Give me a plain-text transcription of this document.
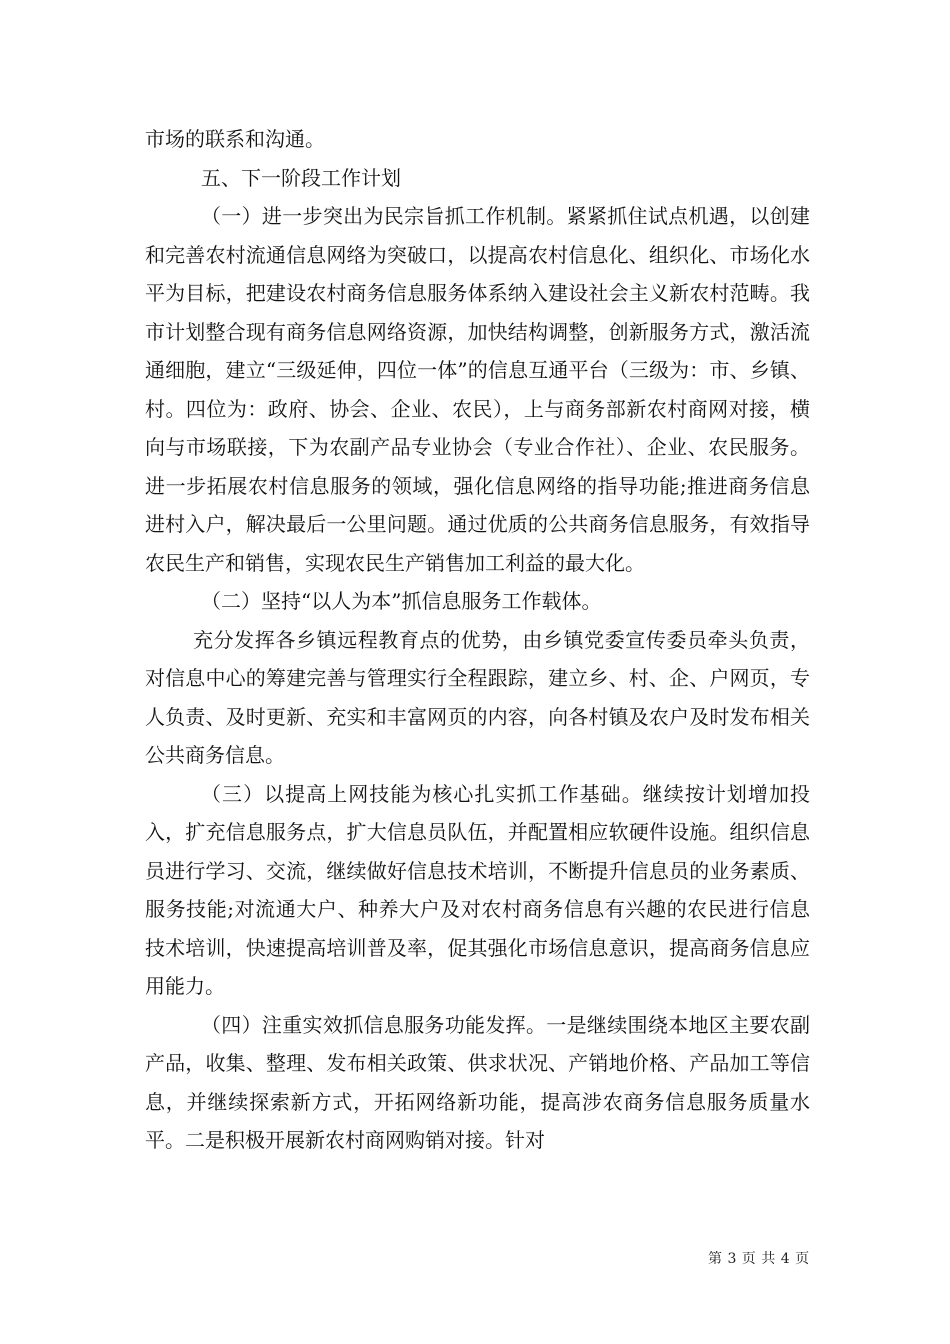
市场的联系和沟通。

五、下一阶段工作计划

（一）进一步突出为民宗旨抓工作机制。紧紧抓住试点机遇，以创建和完善农村流通信息网络为突破口，以提高农村信息化、组织化、市场化水平为目标，把建设农村商务信息服务体系纳入建设社会主义新农村范畴。我市计划整合现有商务信息网络资源，加快结构调整，创新服务方式，激活流通细胞，建立“三级延伸，四位一体”的信息互通平台（三级为：市、乡镇、村。四位为：政府、协会、企业、农民），上与商务部新农村商网对接，横向与市场联接，下为农副产品专业协会（专业合作社）、企业、农民服务。进一步拓展农村信息服务的领域，强化信息网络的指导功能;推进商务信息进村入户，解决最后一公里问题。通过优质的公共商务信息服务，有效指导农民生产和销售，实现农民生产销售加工利益的最大化。

（二）坚持“以人为本”抓信息服务工作载体。

充分发挥各乡镇远程教育点的优势，由乡镇党委宣传委员牵头负责，对信息中心的筹建完善与管理实行全程跟踪，建立乡、村、企、户网页，专人负责、及时更新、充实和丰富网页的内容，向各村镇及农户及时发布相关公共商务信息。

（三）以提高上网技能为核心扎实抓工作基础。继续按计划增加投入，扩充信息服务点，扩大信息员队伍，并配置相应软硬件设施。组织信息员进行学习、交流，继续做好信息技术培训，不断提升信息员的业务素质、服务技能;对流通大户、种养大户及对农村商务信息有兴趣的农民进行信息技术培训，快速提高培训普及率，促其强化市场信息意识，提高商务信息应用能力。

（四）注重实效抓信息服务功能发挥。一是继续围绕本地区主要农副产品，收集、整理、发布相关政策、供求状况、产销地价格、产品加工等信息，并继续探索新方式，开拓网络新功能，提高涉农商务信息服务质量水平。二是积极开展新农村商网购销对接。针对

第 3 页 共 4 页
